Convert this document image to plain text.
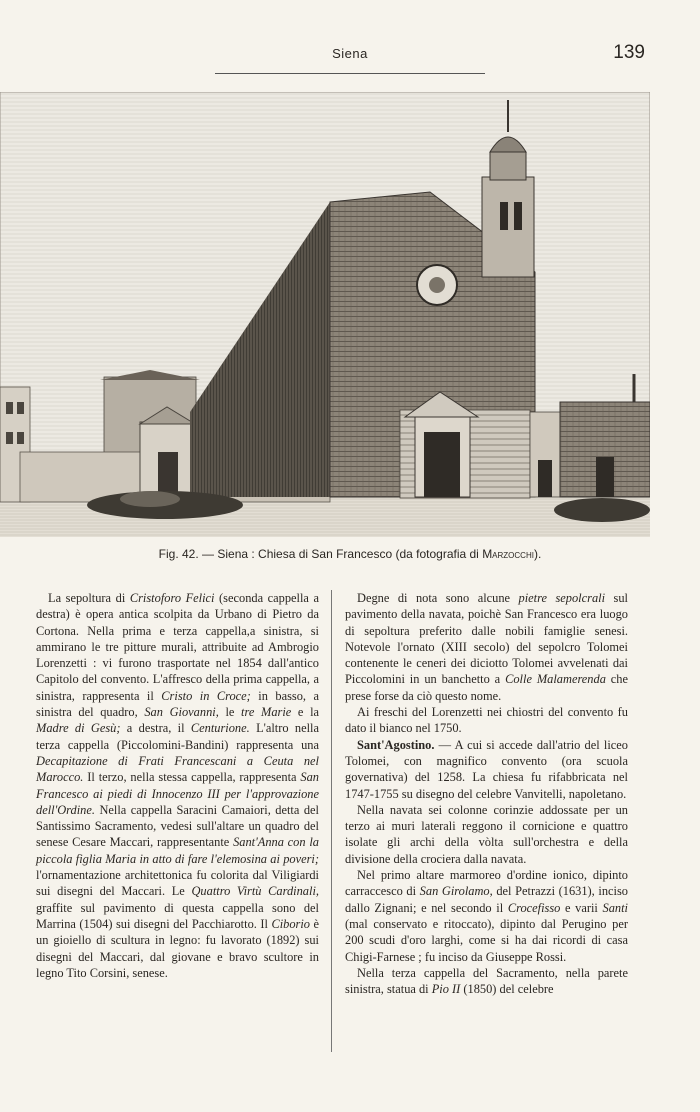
Siena	139
Fig. 42. — Siena : Chiesa di San Francesco (da fotografia di Marzocchi).

La sepoltura di Cristoforo Felici (seconda cappella a destra) è opera antica scolpita da Urbano di Pietro da Cortona. Nella prima e terza cappella,a sinistra, si ammirano le tre pitture murali, attribuite ad Ambrogio Lorenzetti : vi furono trasportate nel 1854 dall'antico Capitolo del convento. L'affresco della prima cappella, a sinistra, rappresenta il Cristo in Croce; in basso, a sinistra del quadro, San Giovanni, le tre Marie e la Madre di Gesù; a destra, il Centurione. L'altro nella terza cappella (Piccolomini-Bandini) rappresenta una Decapitazione di Frati Francescani a Ceuta nel Marocco. Il terzo, nella stessa cappella, rappresenta San Francesco ai piedi di Innocenzo III per l'approvazione dell'Ordine. Nella cappella Saracini Camaiori, detta del Santissimo Sacramento, vedesi sull'altare un quadro del senese Cesare Maccari, rappresentante Sant'Anna con la piccola figlia Maria in atto di fare l'elemosina ai poveri; l'ornamentazione architettonica fu colorita dal Viligiardi sui disegni del Maccari. Le Quattro Virtù Cardinali, graffite sul pavimento di questa cappella sono del Marrina (1504) sui disegni del Pacchiarotto. Il Ciborio è un gioiello di scultura in legno: fu lavorato (1892) sui disegni del Maccari, dal giovane e bravo scultore in legno Tito Corsini, senese.

Degne di nota sono alcune pietre sepolcrali sul pavimento della navata, poichè San Francesco era luogo di sepoltura preferito dalle nobili famiglie senesi. Notevole l'ornato (XIII secolo) del sepolcro Tolomei contenente le ceneri dei diciotto Tolomei avvelenati dai Piccolomini in un banchetto a Colle Malamerenda che prese forse da ciò questo nome.

Ai freschi del Lorenzetti nei chiostri del convento fu dato il bianco nel 1750.

Sant'Agostino. — A cui si accede dall'atrio del liceo Tolomei, con magnifico convento (ora scuola governativa) del 1258. La chiesa fu rifabbricata nel 1747-1755 su disegno del celebre Vanvitelli, napoletano.

Nella navata sei colonne corinzie addossate per un terzo ai muri laterali reggono il cornicione e quattro isolate gli archi della vòlta sull'orchestra e della divisione della crociera dalla navata.

Nel primo altare marmoreo d'ordine ionico, dipinto carraccesco di San Girolamo, del Petrazzi (1631), inciso dallo Zignani; e nel secondo il Crocefisso e varii Santi (mal conservato e ritoccato), dipinto dal Perugino per 200 scudi d'oro larghi, come si ha dai ricordi di casa Chigi-Farnese ; fu inciso da Giuseppe Rossi.

Nella terza cappella del Sacramento, nella parete sinistra, statua di Pio II (1850) del celebre
